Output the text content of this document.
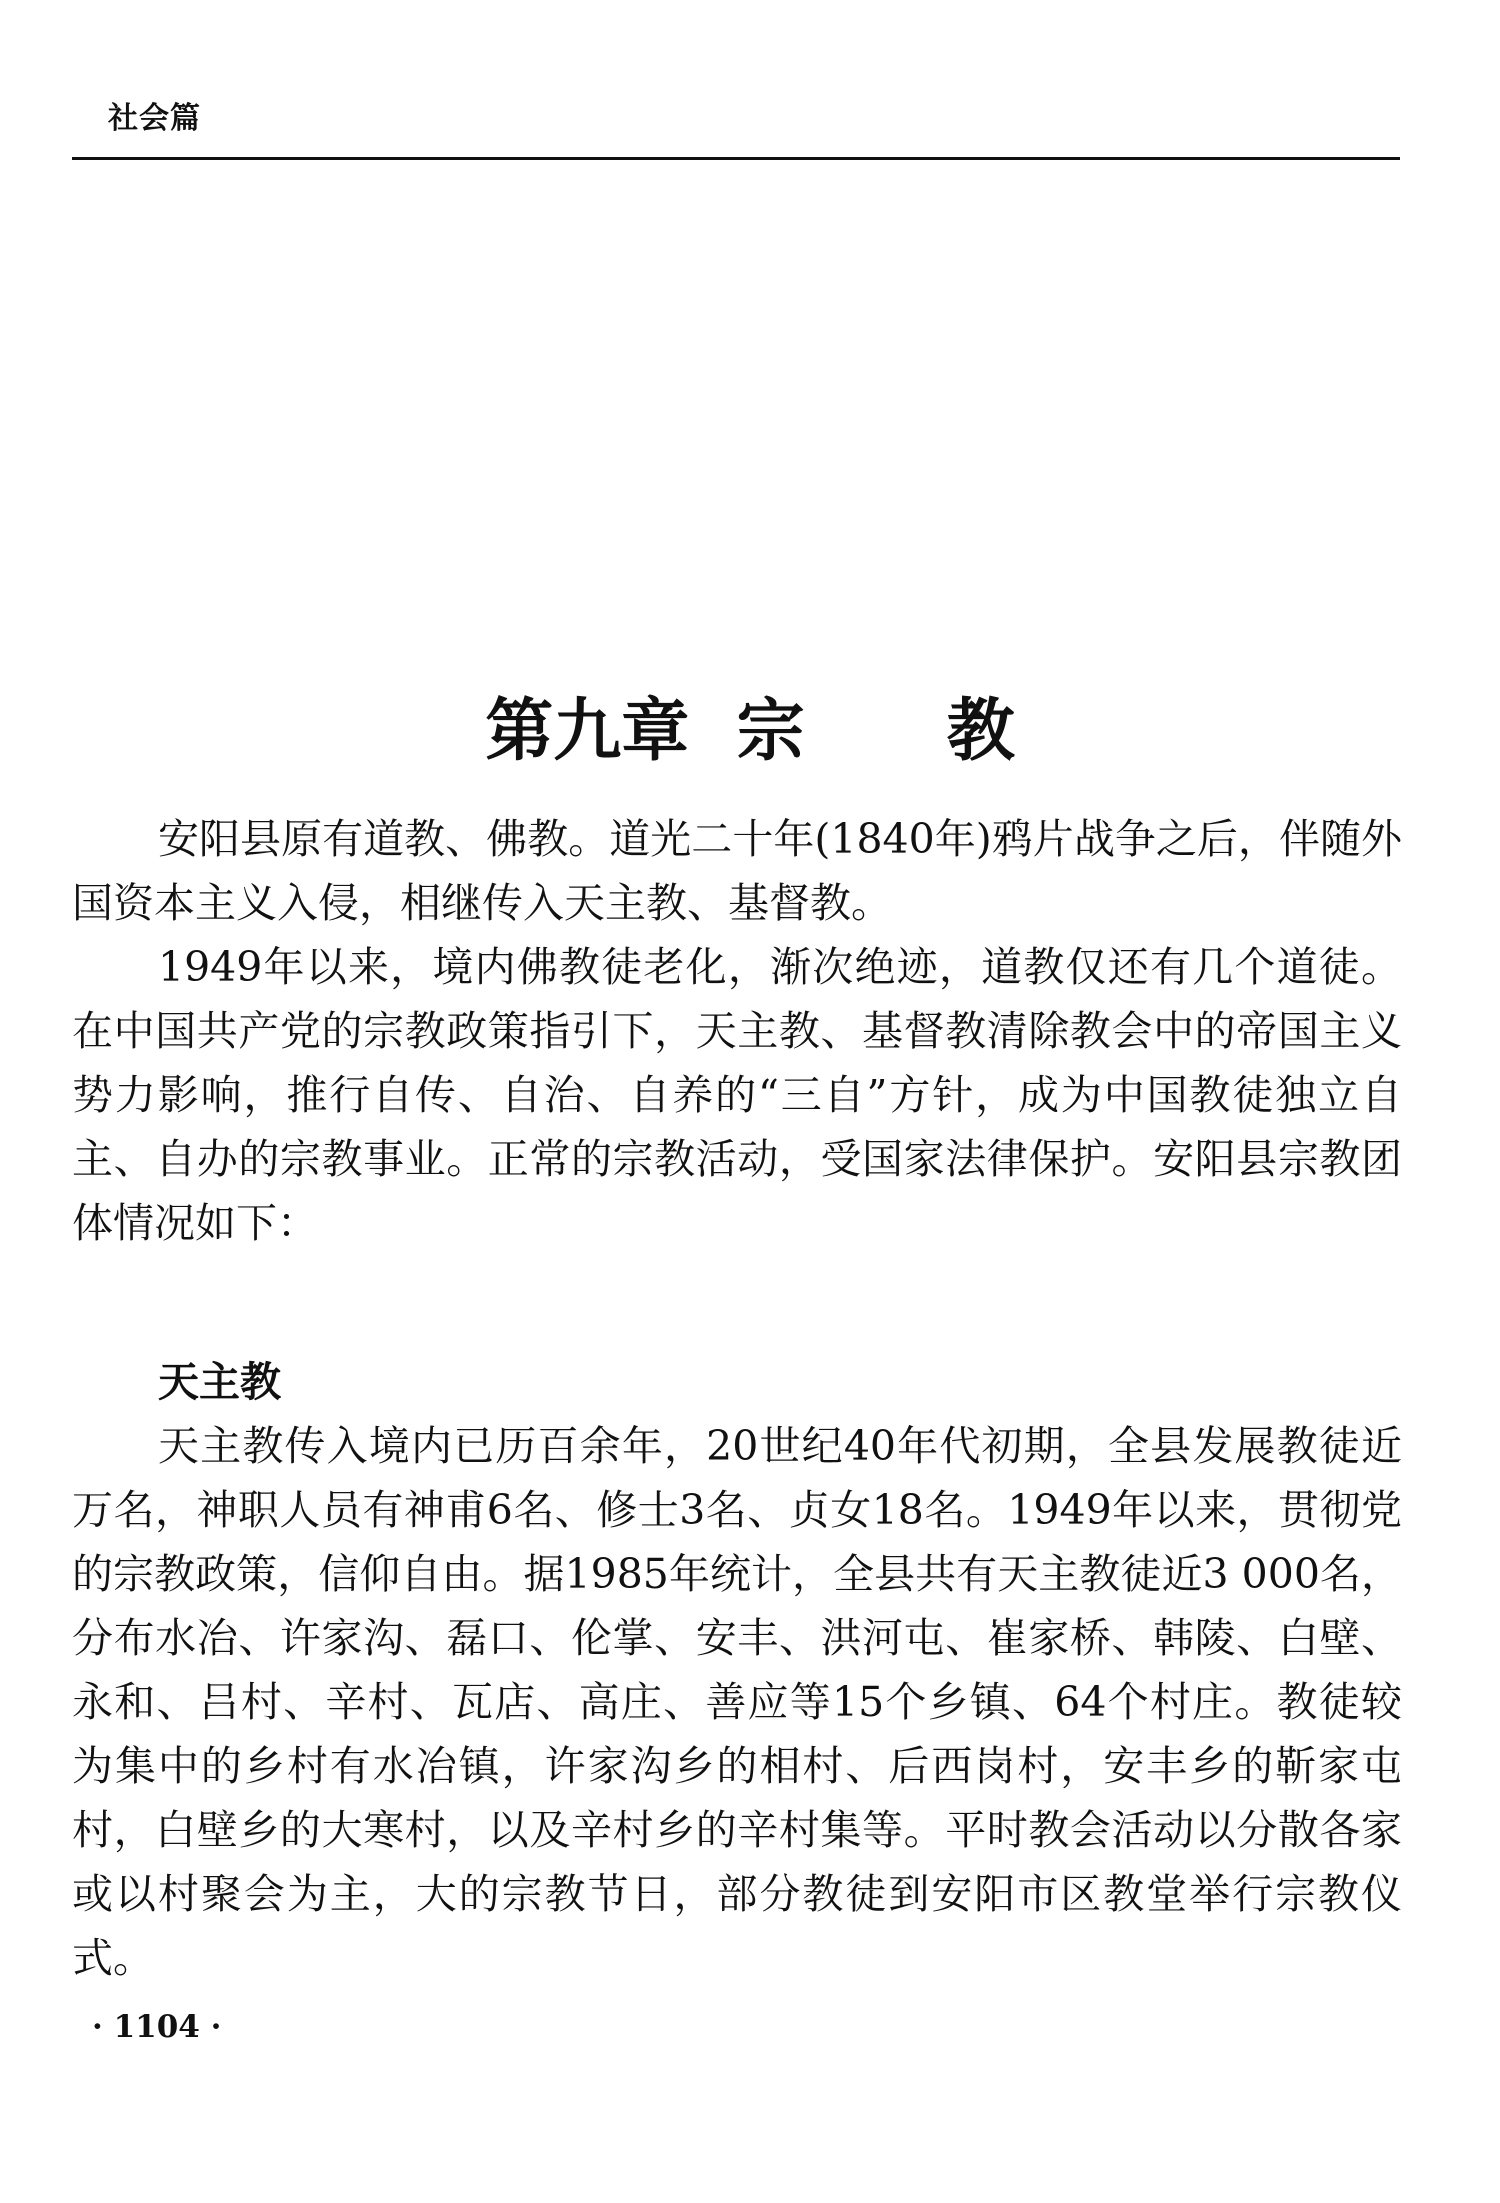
社会篇
第九章  宗      教

安阳县原有道教、佛教。道光二十年(1840年)鸦片战争之后，伴随外国资本主义入侵，相继传入天主教、基督教。

1949年以来，境内佛教徒老化，渐次绝迹，道教仅还有几个道徒。在中国共产党的宗教政策指引下，天主教、基督教清除教会中的帝国主义势力影响，推行自传、自治、自养的“三自”方针，成为中国教徒独立自主、自办的宗教事业。正常的宗教活动，受国家法律保护。安阳县宗教团体情况如下：

天主教

天主教传入境内已历百余年，20世纪40年代初期，全县发展教徒近万名，神职人员有神甫6名、修士3名、贞女18名。1949年以来，贯彻党的宗教政策，信仰自由。据1985年统计，全县共有天主教徒近3 000名，分布水冶、许家沟、磊口、伦掌、安丰、洪河屯、崔家桥、韩陵、白壁、永和、吕村、辛村、瓦店、高庄、善应等15个乡镇、64个村庄。教徒较为集中的乡村有水冶镇，许家沟乡的相村、后西岗村，安丰乡的靳家屯村，白壁乡的大寒村，以及辛村乡的辛村集等。平时教会活动以分散各家或以村聚会为主，大的宗教节日，部分教徒到安阳市区教堂举行宗教仪式。

· 1104 ·
